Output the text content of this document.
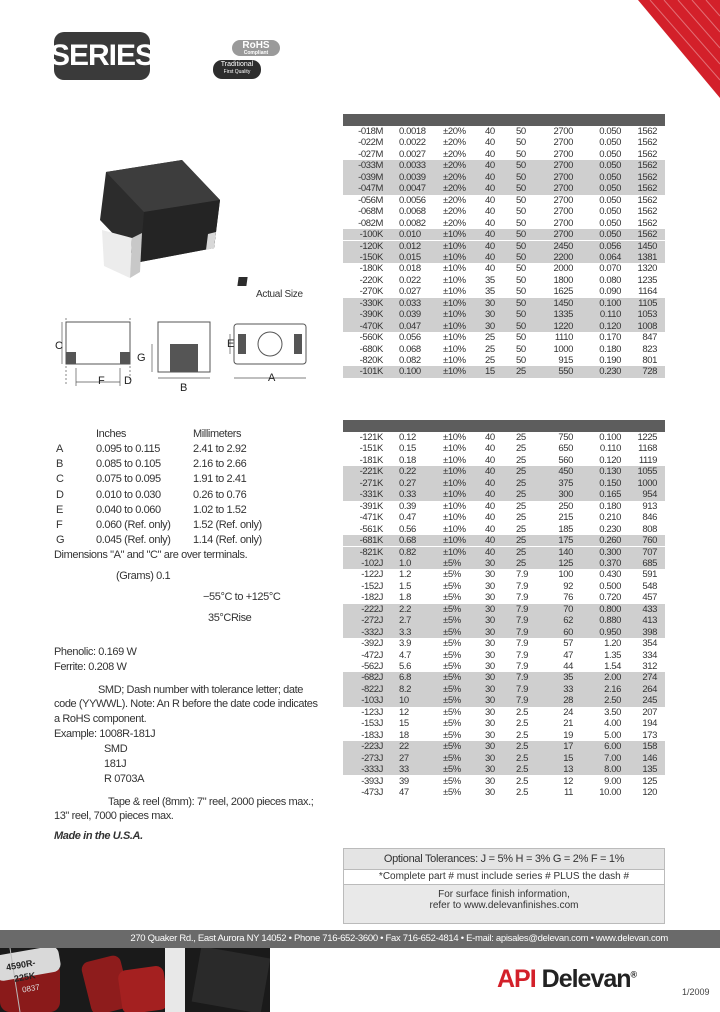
SERIES	RoHS
Compliant
Traditional
First Quality
Actual Size
C
F D
G
B
E
A
Inches	Millimeters
A	0.095 to 0.115	2.41 to 2.92
B	0.085 to 0.105	2.16 to 2.66
C	0.075 to 0.095	1.91 to 2.41
D	0.010 to 0.030	0.26 to 0.76
E	0.040 to 0.060	1.02 to 1.52
F	0.060 (Ref. only) 1.52 (Ref. only)
G	0.045 (Ref. only) 1.14 (Ref. only)
Dimensions "A" and "C" are over terminals.
(Grams) 0.1
−55°C to +125°C
35°CRise
Phenolic: 0.169 W
Ferrite: 0.208 W
SMD; Dash number with tolerance letter; date
code (YYWWL). Note: An R before the date code indicates
a RoHS component.
Example: 1008R-181J
SMD
181J
R 0703A
Tape & reel (8mm): 7" reel, 2000 pieces max.;
13" reel, 7000 pieces max.
Made in the U.S.A.
-018M 0.0018 ±20% 40 50	2700	0.050 1562
-022M 0.0022 ±20% 40 50	2700	0.050 1562
-027M 0.0027 ±20% 40 50	2700	0.050 1562
-033M 0.0033 ±20% 40 50	2700	0.050 1562
-039M 0.0039 ±20% 40 50	2700	0.050 1562
-047M 0.0047 ±20% 40 50	2700	0.050 1562
-056M 0.0056 ±20% 40 50	2700	0.050 1562
-068M 0.0068 ±20% 40 50	2700	0.050 1562
-082M 0.0082 ±20% 40 50	2700	0.050 1562
-100K 0.010 ±10% 40 50	2700	0.050 1562
-120K 0.012 ±10% 40 50	2450	0.056 1450
-150K 0.015 ±10% 40 50	2200	0.064 1381
-180K 0.018 ±10% 40 50	2000	0.070 1320
-220K 0.022 ±10% 35 50	1800	0.080 1235
-270K 0.027 ±10% 35 50	1625	0.090 1164
-330K 0.033 ±10% 30 50	1450	0.100 1105
-390K 0.039 ±10% 30 50	1335	0.110 1053
-470K 0.047 ±10% 30 50	1220	0.120 1008
-560K 0.056 ±10% 25 50	1110	0.170 847
-680K 0.068 ±10% 25 50	1000	0.180 823
-820K 0.082 ±10% 25 50	915	0.190 801
-101K 0.100 ±10% 15 25	550	0.230 728
-121K 0.12	±10% 40 25	750	0.100 1225
-151K 0.15	±10% 40 25	650	0.110 1168
-181K 0.18	±10% 40 25	560	0.120 1119
-221K 0.22	±10% 40 25	450	0.130 1055
-271K 0.27	±10% 40 25	375	0.150 1000
-331K 0.33	±10% 40 25	300	0.165 954
-391K 0.39	±10% 40 25	250	0.180 913
-471K 0.47	±10% 40 25	215	0.210 846
-561K 0.56	±10% 40 25	185	0.230 808
-681K 0.68	±10% 40 25	175	0.260 760
-821K 0.82	±10% 40 25	140	0.300 707
-102J 1.0	±5%	30 25	125	0.370 685
-122J 1.2	±5%	30 7.9	100	0.430 591
-152J 1.5	±5%	30 7.9	92	0.500 548
-182J 1.8	±5%	30 7.9	76	0.720 457
-222J 2.2	±5%	30 7.9	70	0.800 433
-272J 2.7	±5%	30 7.9	62	0.880 413
-332J 3.3	±5%	30 7.9	60	0.950 398
-392J 3.9	±5%	30 7.9	57	1.20 354
-472J 4.7	±5%	30 7.9	47	1.35 334
-562J 5.6	±5%	30 7.9	44	1.54 312
-682J 6.8	±5%	30 7.9	35	2.00 274
-822J 8.2	±5%	30 7.9	33	2.16 264
-103J 10	±5%	30 7.9	28	2.50 245
-123J 12	±5%	30 2.5	24	3.50 207
-153J 15	±5%	30 2.5	21	4.00 194
-183J 18	±5%	30 2.5	19	5.00 173
-223J 22	±5%	30 2.5	17	6.00 158
-273J 27	±5%	30 2.5	15	7.00 146
-333J 33	±5%	30 2.5	13	8.00 135
-393J 39	±5%	30 2.5	12	9.00 125
-473J 47	±5%	30 2.5	11	10.00 120
Optional Tolerances: J = 5% H = 3% G = 2% F = 1%
*Complete part # must include series # PLUS the dash #
For surface finish information,
refer to www.delevanfinishes.com
270 Quaker Rd., East Aurora NY 14052 • Phone 716-652-3600 • Fax 716-652-4814 • E-mail: apisales@delevan.com • www.delevan.com
4590R-
225K
0837	API Delevan®
1/2009
